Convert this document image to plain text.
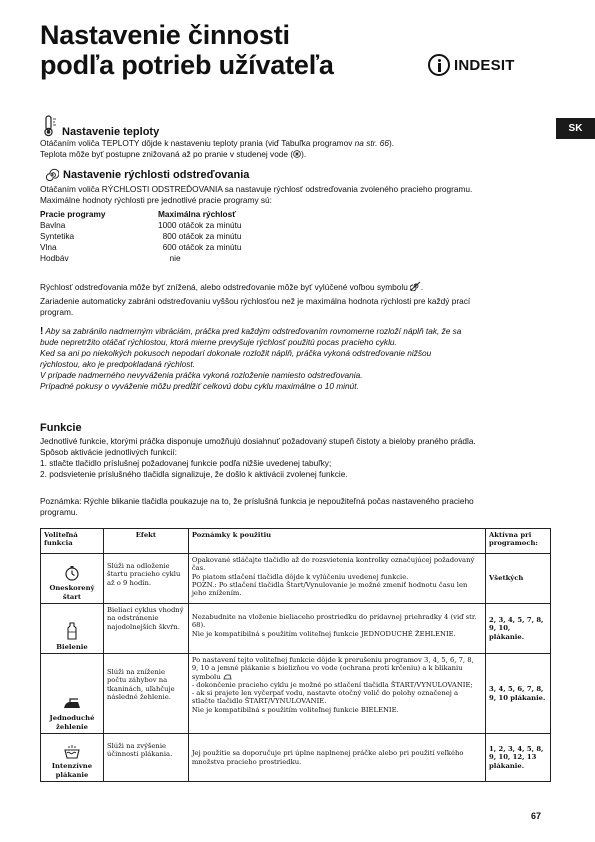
Nastavenie činnosti
podľa potrieb užívateľa	INDESIT
SK
Nastavenie teploty

Otáčaním voliča TEPLOTY dôjde k nastaveniu teploty prania (viď Tabuľka programov na str. 66).

Teplota môže byť postupne znižovaná až po pranie v studenej vode ( ).

Nastavenie rýchlosti odstreďovania

Otáčaním voliča RÝCHLOSTI ODSTREĎOVANIA sa nastavuje rýchlosť odstreďovania zvoleného pracieho programu.

Maximálne hodnoty rýchlosti pre jednotlivé pracie programy sú:

Pracie programy	Maximálna rýchlosť
Bavlna	1000 otáčok za minútu
Syntetika	800 otáčok za minútu
Vlna	600 otáčok za minútu
Hodbáv	nie

Rýchlosť odstreďovania môže byť znížená, alebo odstreďovanie môže byť vylúčené voľbou symbolu .

Zariadenie automaticky zabráni odstreďovaniu vyššou rýchlosťou než je maximálna hodnota rýchlosti pre každý prací

program.

! Aby sa zabránilo nadmerným vibráciám, práčka pred každým odstreďovaním rovnomerne rozloží náplň tak, že sa

bude nepretržito otáčať rýchlostou, ktorá mierne prevyšuje rýchlosť použitú pocas pracieho cyklu.

Ked sa ani po niekolkých pokusoch nepodarí dokonale rozložit náplň, práčka vykoná odstreďovanie nižšou

rýchlostou, ako je predpokladaná rýchlost.

V prípade nadmerného nevyváženia práčka vykoná rozloženie namiesto odstreďovania.

Prípadné pokusy o vyváženie môžu predĺžiť celkovú dobu cyklu maximálne o 10 minút.

Funkcie

Jednotlivé funkcie, ktorými práčka disponuje umožňujú dosiahnuť požadovaný stupeň čistoty a bieloby praného prádla.

Spôsob aktivácie jednotlivých funkcií:

1. stlačte tlačidlo príslušnej požadovanej funkcie podľa nižšie uvedenej tabuľky;

2. podsvietenie príslušného tlačidla signalizuje, že došlo k aktivácii zvolenej funkcie.

Poznámka: Rýchle blikanie tlačidla poukazuje na to, že príslušná funkcia je nepoužiteľná počas nastaveného pracieho

programu.

Voliteľná funkcia	Efekt	Poznámky k použitiu	Aktívna pri programoch:

Oneskorený štart	Slúži na odloženie štartu pracieho cyklu až o 9 hodín.	Opakované stláčajte tlačidlo až do rozsvietenia kontrolky označujúcej požadovaný čas.
Po piatom stlačení tlačidla dôjde k vylúčeniu uvedenej funkcie.
POZN.: Po stlačení tlačidla Štart/Vynulovanie je možné zmeniť hodnotu času len jeho znížením.	Všetkých

Bielenie	Bieliaci cyklus vhodný na odstránenie najodolnejších škvŕn.	Nezabudnite na vloženie bieliaceho prostriedku do prídavnej priehradky 4 (viď str. 68).
Nie je kompatibilná s použitím voliteľnej funkcie JEDNODUCHÉ ŽEHLENIE.	2, 3, 4, 5, 7, 8, 9, 10, plákanie.

Jednoduché žehlenie	Slúži na zníženie počtu záhybov na tkaninách, uľahčuje následné žehlenie.	Po nastavení tejto voliteľnej funkcie dôjde k prerušeniu programov 3, 4, 5, 6, 7, 8, 9, 10 a jemné plákanie s bielizňou vo vode (ochrana proti krčeniu) a k blikaniu symbolu
- dokončenie pracieho cyklu je možné po stlačení tlačidla ŠTART/VYNULOVANIE;
- ak si prajete len vyčerpať vodu, nastavte otočný volič do polohy označenej a stlačte tlačidlo ŠTART/VYNULOVANIE.
Nie je kompatibilná s použitím voliteľnej funkcie BIELENIE.	3, 4, 5, 6, 7, 8, 9, 10 plákanie.

Intenzívne plákanie	Slúži na zvýšenie účinnosti plákania.	Jej použitie sa doporučuje pri úplne naplnenej práčke alebo pri použití veľkého množstva pracieho prostriedku.	1, 2, 3, 4, 5, 8, 9, 10, 12, 13 plákanie.
67
